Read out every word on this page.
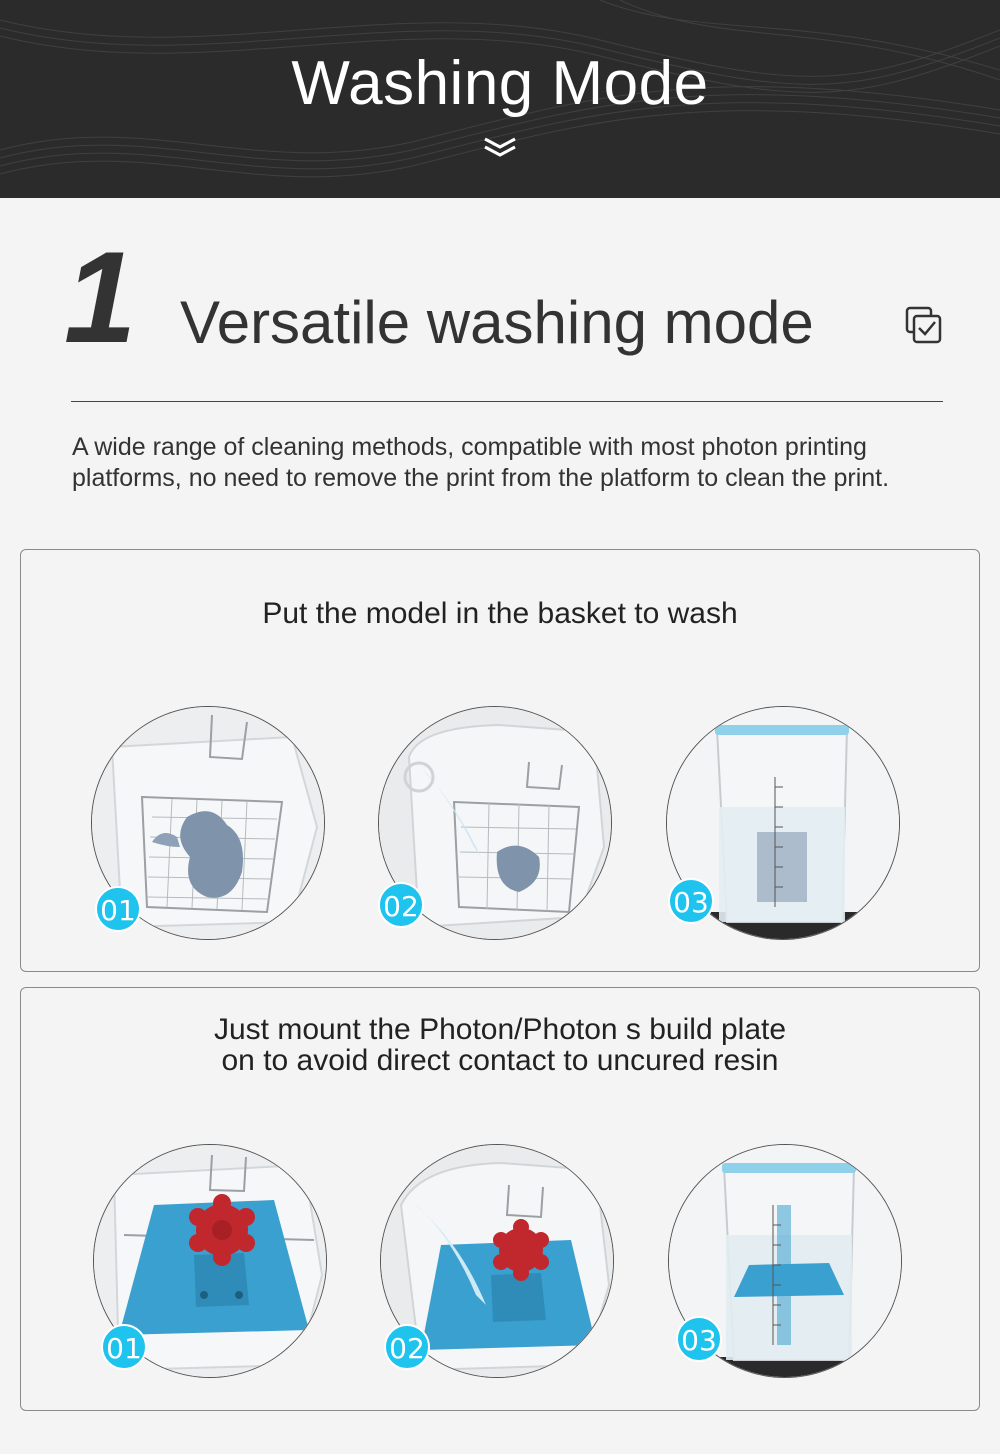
Washing Mode
1 Versatile washing mode
A wide range of cleaning methods, compatible with most photon printing platforms, no need to remove the print from the platform to clean the print.
Put the model in the basket to wash
01	02	03
Just mount the Photon/Photon s build plate
on to avoid direct contact to uncured resin
01	02	03
